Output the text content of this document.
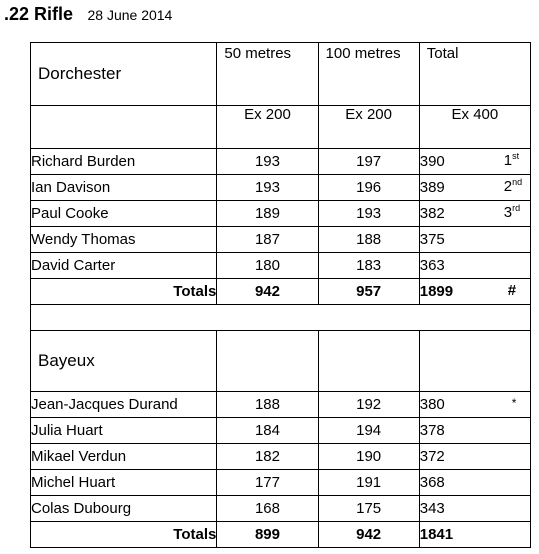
.22 Rifle 28 June 2014
Dorchester	50 metres	100 metres	Total
	Ex 200	Ex 200	Ex 400
Richard Burden	193	197	390 1st

Ian Davison	193	196	389 2nd

Paul Cooke	189	193	382 3rd

Wendy Thomas	187	188	375
David Carter	180	183	363
Totals	942	957	1899 #

Bayeux			
Jean-Jacques Durand	188	192	380 *

Julia Huart	184	194	378
Mikael Verdun	182	190	372
Michel Huart	177	191	368
Colas Dubourg	168	175	343
Totals	899	942	1841
